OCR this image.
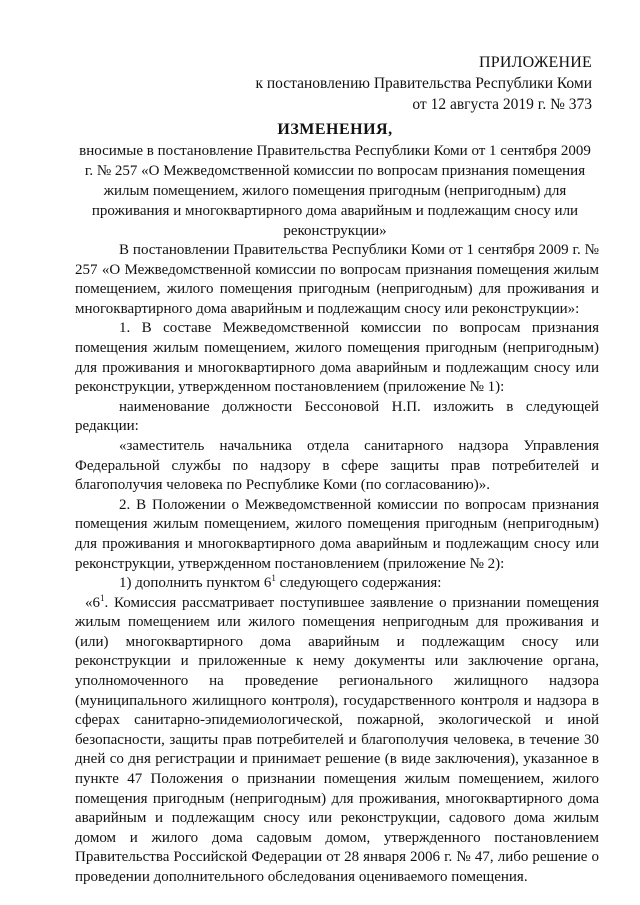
ПРИЛОЖЕНИЕ
к постановлению Правительства Республики Коми
от 12 августа 2019 г. № 373
ИЗМЕНЕНИЯ,
вносимые в постановление Правительства Республики Коми от 1 сентября 2009 г. № 257 «О Межведомственной комиссии по вопросам признания помещения жилым помещением, жилого помещения пригодным (непригодным) для проживания и многоквартирного дома аварийным и подлежащим сносу или реконструкции»

В постановлении Правительства Республики Коми от 1 сентября 2009 г. № 257 «О Межведомственной комиссии по вопросам признания помещения жилым помещением, жилого помещения пригодным (непригодным) для проживания и многоквартирного дома аварийным и подлежащим сносу или реконструкции»:

1. В составе Межведомственной комиссии по вопросам признания помещения жилым помещением, жилого помещения пригодным (непригодным) для проживания и многоквартирного дома аварийным и подлежащим сносу или реконструкции, утвержденном постановлением (приложение № 1):

наименование должности Бессоновой Н.П. изложить в следующей редакции:

«заместитель начальника отдела санитарного надзора Управления Федеральной службы по надзору в сфере защиты прав потребителей и благополучия человека по Республике Коми (по согласованию)».

2. В Положении о Межведомственной комиссии по вопросам признания помещения жилым помещением, жилого помещения пригодным (непригодным) для проживания и многоквартирного дома аварийным и подлежащим сносу или реконструкции, утвержденном постановлением (приложение № 2):

1) дополнить пунктом $6^1$ следующего содержания:

«$6^1$. Комиссия рассматривает поступившее заявление о признании помещения жилым помещением или жилого помещения непригодным для проживания и (или) многоквартирного дома аварийным и подлежащим сносу или реконструкции и приложенные к нему документы или заключение органа, уполномоченного на проведение регионального жилищного надзора (муниципального жилищного контроля), государственного контроля и надзора в сферах санитарно-эпидемиологической, пожарной, экологической и иной безопасности, защиты прав потребителей и благополучия человека, в течение 30 дней со дня регистрации и принимает решение (в виде заключения), указанное в пункте 47 Положения о признании помещения жилым помещением, жилого помещения пригодным (непригодным) для проживания, многоквартирного дома аварийным и подлежащим сносу или реконструкции, садового дома жилым домом и жилого дома садовым домом, утвержденного постановлением Правительства Российской Федерации от 28 января 2006 г. № 47, либо решение о проведении дополнительного обследования оцениваемого помещения.
